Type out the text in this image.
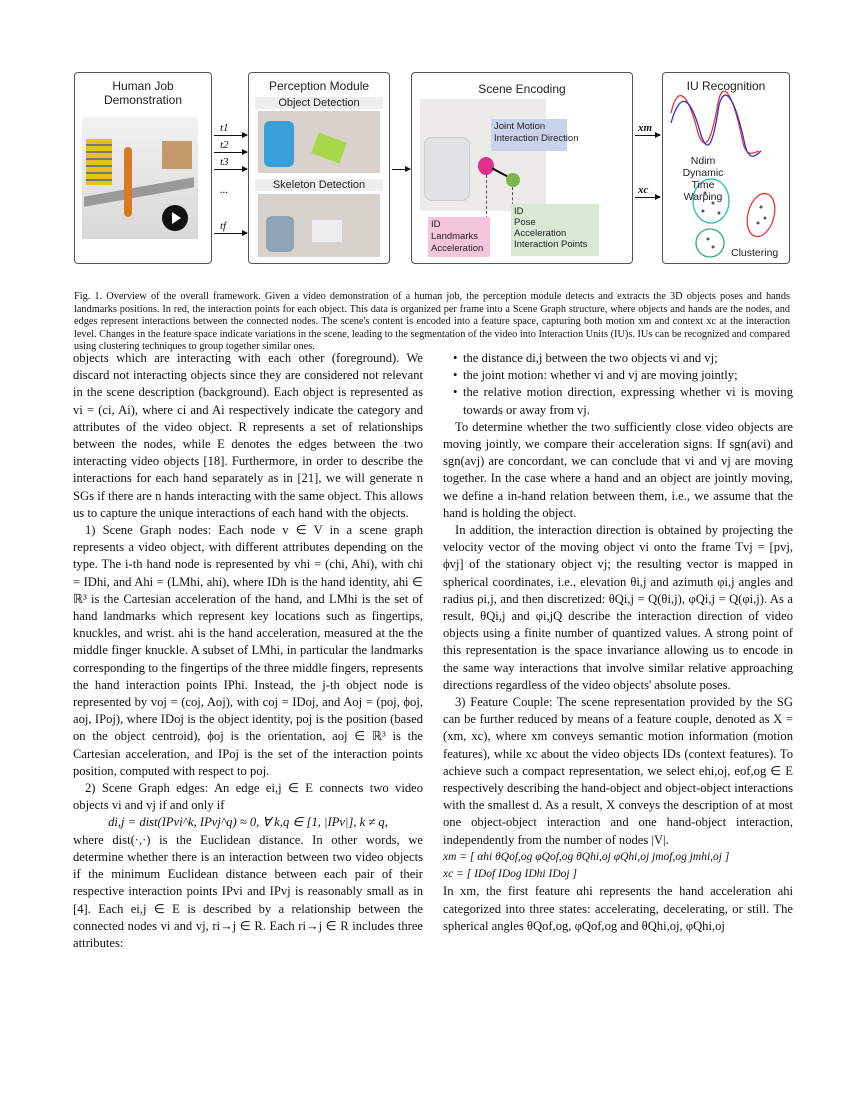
Human Job Demonstration
t1
t2
t3
...
tf
Perception Module
Object Detection
Skeleton Detection
Scene Encoding
Joint Motion
Interaction Direction
ID
Landmarks
Acceleration
ID
Pose
Acceleration
Interaction Points
xm
xc
IU Recognition
Ndim
Dynamic
Time
Warping
Clustering
Fig. 1. Overview of the overall framework. Given a video demonstration of a human job, the perception module detects and extracts the 3D objects poses and hands landmarks positions. In red, the interaction points for each object. This data is organized per frame into a Scene Graph structure, where objects and hands are the nodes, and edges represent interactions between the connected nodes. The scene's content is encoded into a feature space, capturing both motion xm and context xc at the interaction level. Changes in the feature space indicate variations in the scene, leading to the segmentation of the video into Interaction Units (IU)s. IUs can be recognized and compared using clustering techniques to group together similar ones.

objects which are interacting with each other (foreground). We discard not interacting objects since they are considered not relevant in the scene description (background). Each object is represented as vi = (ci, Ai), where ci and Ai respectively indicate the category and attributes of the video object. R represents a set of relationships between the nodes, while E denotes the edges between the two interacting video objects [18]. Furthermore, in order to describe the interactions for each hand separately as in [21], we will generate n SGs if there are n hands interacting with the same object. This allows us to capture the unique interactions of each hand with the objects.

1) Scene Graph nodes: Each node v ∈ V in a scene graph represents a video object, with different attributes depending on the type. The i-th hand node is represented by vhi = (chi, Ahi), with chi = IDhi, and Ahi = (LMhi, ahi), where IDh is the hand identity, ahi ∈ ℝ³ is the Cartesian acceleration of the hand, and LMhi is the set of hand landmarks which represent key locations such as fingertips, knuckles, and wrist. ahi is the hand acceleration, measured at the the middle finger knuckle. A subset of LMhi, in particular the landmarks corresponding to the fingertips of the three middle fingers, represents the hand interaction points IPhi. Instead, the j-th object node is represented by voj = (coj, Aoj), with coj = IDoj, and Aoj = (poj, ϕoj, aoj, IPoj), where IDoj is the object identity, poj is the position (based on the object centroid), ϕoj is the orientation, aoj ∈ ℝ³ is the Cartesian acceleration, and IPoj is the set of the interaction points position, computed with respect to poj.

2) Scene Graph edges: An edge ei,j ∈ E connects two video objects vi and vj if and only if

di,j = dist(IPvi^k, IPvj^q) ≈ 0, ∀ k,q ∈ [1, |IPv|], k ≠ q,

where dist(·,·) is the Euclidean distance. In other words, we determine whether there is an interaction between two video objects if the minimum Euclidean distance between each pair of their respective interaction points IPvi and IPvj is reasonably small as in [4]. Each ei,j ∈ E is described by a relationship between the connected nodes vi and vj, ri→j ∈ R. Each ri→j ∈ R includes three attributes:

• the distance di,j between the two objects vi and vj;
• the joint motion: whether vi and vj are moving jointly;
• the relative motion direction, expressing whether vi is moving towards or away from vj.

To determine whether the two sufficiently close video objects are moving jointly, we compare their acceleration signs. If sgn(avi) and sgn(avj) are concordant, we can conclude that vi and vj are moving together. In the case where a hand and an object are jointly moving, we define a in-hand relation between them, i.e., we assume that the hand is holding the object.

In addition, the interaction direction is obtained by projecting the velocity vector of the moving object vi onto the frame Tvj = [pvj, ϕvj] of the stationary object vj; the resulting vector is mapped in spherical coordinates, i.e., elevation θi,j and azimuth φi,j angles and radius ρi,j, and then discretized: θQi,j = Q(θi,j), φQi,j = Q(φi,j). As a result, θQi,j and φi,jQ describe the interaction direction of video objects using a finite number of quantized values. A strong point of this representation is the space invariance allowing us to encode in the same way interactions that involve similar relative approaching directions regardless of the video objects' absolute poses.

3) Feature Couple: The scene representation provided by the SG can be further reduced by means of a feature couple, denoted as X = (xm, xc), where xm conveys semantic motion information (motion features), while xc about the video objects IDs (context features). To achieve such a compact representation, we select ehi,oj, eof,og ∈ E respectively describing the hand-object and object-object interactions with the smallest d. As a result, X conveys the description of at most one object-object interaction and one hand-object interaction, independently from the number of nodes |V|.

xm = [ αhi θQof,og φQof,og θQhi,oj φQhi,oj jmof,og jmhi,oj ]

xc = [ IDof IDog IDhi IDoj ]

In xm, the first feature αhi represents the hand acceleration ahi categorized into three states: accelerating, decelerating, or still. The spherical angles θQof,og, φQof,og and θQhi,oj, φQhi,oj
